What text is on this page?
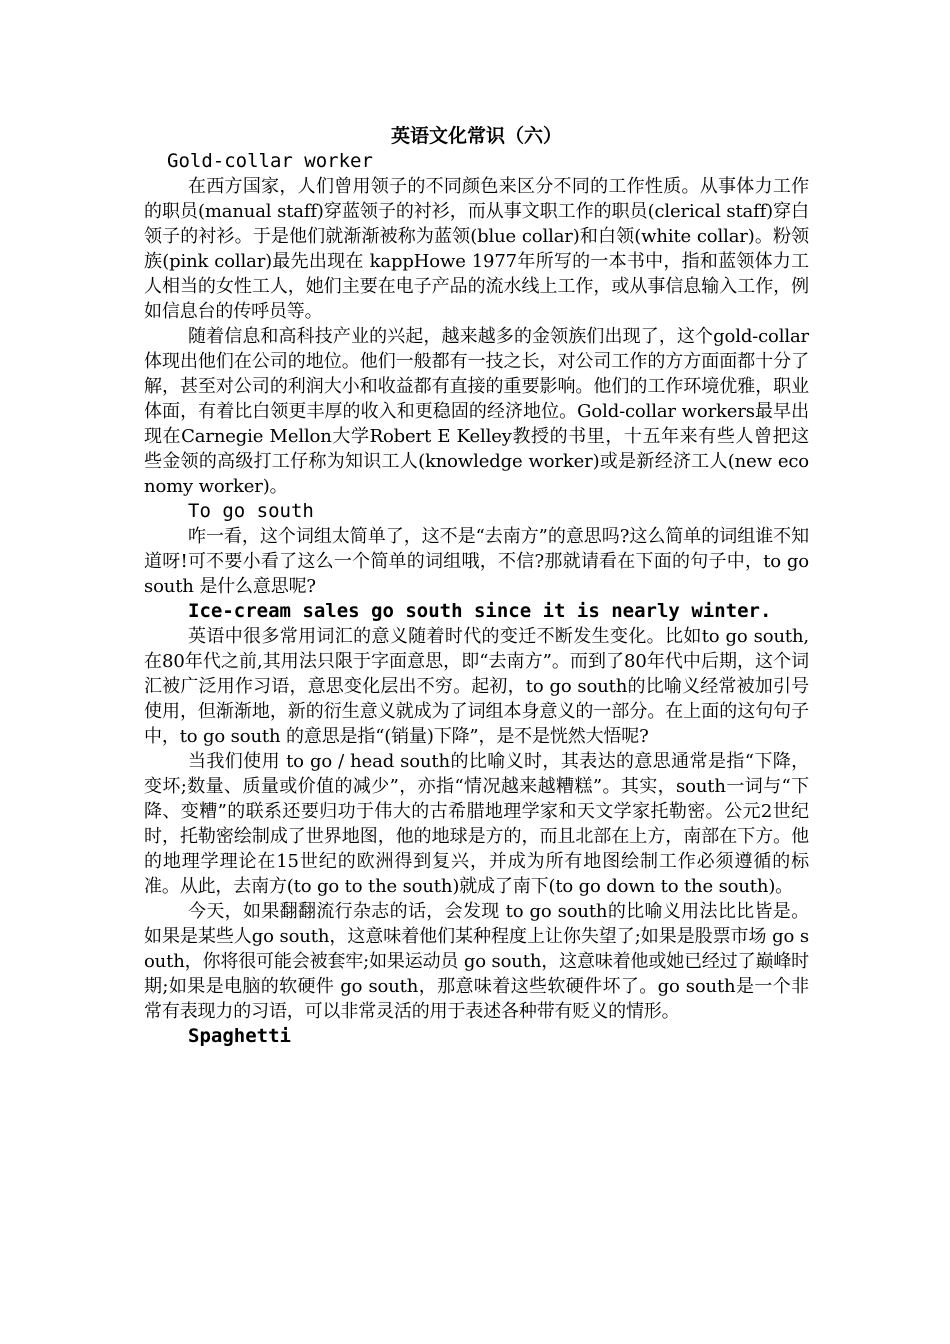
英语文化常识（六）
Gold-collar worker

在西方国家，人们曾用领子的不同颜色来区分不同的工作性质。从事体力工作的职员(manual staff)穿蓝领子的衬衫，而从事文职工作的职员(clerical staff)穿白领子的衬衫。于是他们就渐渐被称为蓝领(blue collar)和白领(white collar)。粉领族(pink collar)最先出现在 kappHowe 1977年所写的一本书中，指和蓝领体力工人相当的女性工人，她们主要在电子产品的流水线上工作，或从事信息输入工作，例如信息台的传呼员等。

随着信息和高科技产业的兴起，越来越多的金领族们出现了，这个gold-collar体现出他们在公司的地位。他们一般都有一技之长，对公司工作的方方面面都十分了解，甚至对公司的利润大小和收益都有直接的重要影响。他们的工作环境优雅，职业体面，有着比白领更丰厚的收入和更稳固的经济地位。Gold-collar workers最早出现在Carnegie Mellon大学Robert E Kelley教授的书里，十五年来有些人曾把这些金领的高级打工仔称为知识工人(knowledge worker)或是新经济工人(new economy worker)。

To go south

咋一看，这个词组太简单了，这不是“去南方”的意思吗?这么简单的词组谁不知道呀!可不要小看了这么一个简单的词组哦，不信?那就请看在下面的句子中，to go south 是什么意思呢?

Ice-cream sales go south since it is nearly winter.

英语中很多常用词汇的意义随着时代的变迁不断发生变化。比如to go south,在80年代之前,其用法只限于字面意思，即“去南方”。而到了80年代中后期，这个词汇被广泛用作习语，意思变化层出不穷。起初，to go south的比喻义经常被加引号使用，但渐渐地，新的衍生意义就成为了词组本身意义的一部分。在上面的这句句子中，to go south 的意思是指“(销量)下降”，是不是恍然大悟呢?

当我们使用 to go / head south的比喻义时，其表达的意思通常是指“下降，变坏;数量、质量或价值的减少”，亦指“情况越来越糟糕”。其实，south一词与“下降、变糟”的联系还要归功于伟大的古希腊地理学家和天文学家托勒密。公元2世纪时，托勒密绘制成了世界地图，他的地球是方的，而且北部在上方，南部在下方。他的地理学理论在15世纪的欧洲得到复兴，并成为所有地图绘制工作必须遵循的标准。从此，去南方(to go to the south)就成了南下(to go down to the south)。

今天，如果翻翻流行杂志的话，会发现 to go south的比喻义用法比比皆是。如果是某些人go south，这意味着他们某种程度上让你失望了;如果是股票市场 go south，你将很可能会被套牢;如果运动员 go south，这意味着他或她已经过了巅峰时期;如果是电脑的软硬件 go south，那意味着这些软硬件坏了。go south是一个非常有表现力的习语，可以非常灵活的用于表述各种带有贬义的情形。

Spaghetti
